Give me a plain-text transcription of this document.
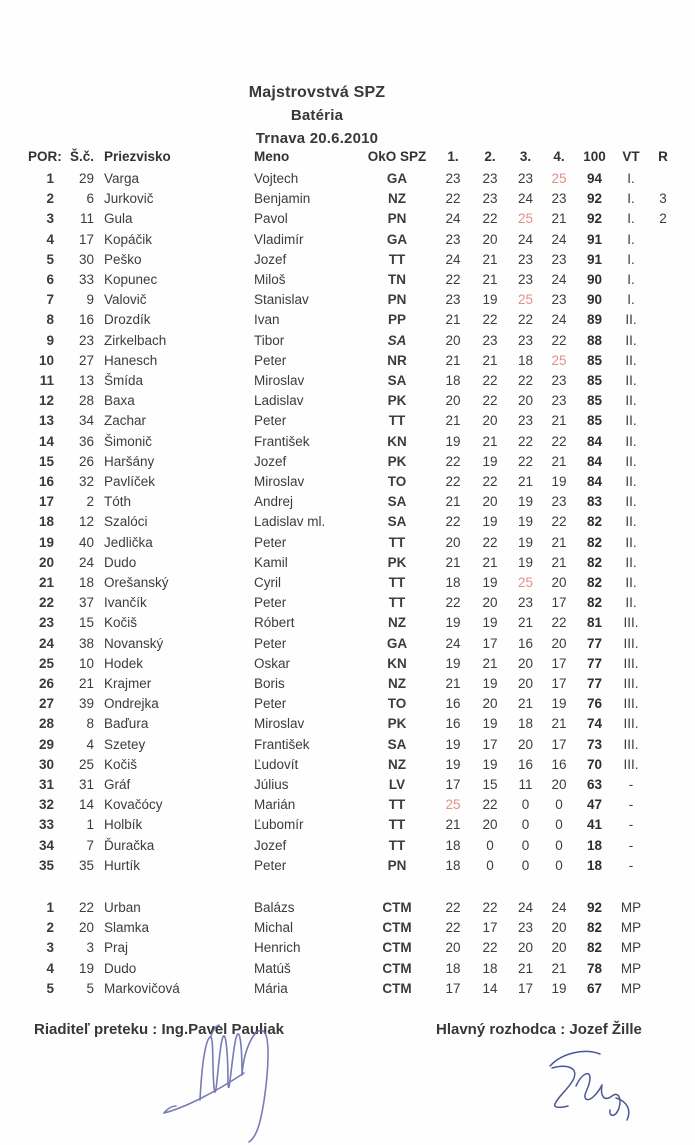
Majstrovstvá SPZ
Batéria
Trnava 20.6.2010
POR: Š.č. Priezvisko	Meno	OkO SPZ	1.	2.	3.	4.	100	VT	R
1	29 Varga	Vojtech	GA	23	23	23	25	94	I.
2	6 Jurkovič	Benjamin	NZ	22	23	24	23	92	I.	3
3	11 Gula	Pavol	PN	24	22	25	21	92	I.	2
4	17 Kopáčik	Vladimír	GA	23	20	24	24	91	I.
5	30 Peško	Jozef	TT	24	21	23	23	91	I.
6	33 Kopunec	Miloš	TN	22	21	23	24	90	I.
7	9 Valovič	Stanislav	PN	23	19	25	23	90	I.
8	16 Drozdík	Ivan	PP	21	22	22	24	89	II.
9	23 Zirkelbach	Tibor	SA	20	23	23	22	88	II.
10	27 Hanesch	Peter	NR	21	21	18	25	85	II.
11	13 Šmída	Miroslav	SA	18	22	22	23	85	II.
12	28 Baxa	Ladislav	PK	20	22	20	23	85	II.
13	34 Zachar	Peter	TT	21	20	23	21	85	II.
14	36 Šimonič	František	KN	19	21	22	22	84	II.
15	26 Haršány	Jozef	PK	22	19	22	21	84	II.
16	32 Pavlíček	Miroslav	TO	22	22	21	19	84	II.
17	2 Tóth	Andrej	SA	21	20	19	23	83	II.
18	12 Szalóci	Ladislav ml.	SA	22	19	19	22	82	II.
19	40 Jedlička	Peter	TT	20	22	19	21	82	II.
20	24 Dudo	Kamil	PK	21	21	19	21	82	II.
21	18 Orešanský	Cyril	TT	18	19	25	20	82	II.
22	37 Ivančík	Peter	TT	22	20	23	17	82	II.
23	15 Kočiš	Róbert	NZ	19	19	21	22	81	III.
24	38 Novanský	Peter	GA	24	17	16	20	77	III.
25	10 Hodek	Oskar	KN	19	21	20	17	77	III.
26	21 Krajmer	Boris	NZ	21	19	20	17	77	III.
27	39 Ondrejka	Peter	TO	16	20	21	19	76	III.
28	8 Baďura	Miroslav	PK	16	19	18	21	74	III.
29	4 Szetey	František	SA	19	17	20	17	73	III.
30	25 Kočiš	Ľudovít	NZ	19	19	16	16	70	III.
31	31 Gráf	Július	LV	17	15	11	20	63	-
32	14 Kovačócy	Marián	TT	25	22	0	0	47	-
33	1 Holbík	Ľubomír	TT	21	20	0	0	41	-
34	7 Ďuračka	Jozef	TT	18	0	0	0	18	-
35	35 Hurtík	Peter	PN	18	0	0	0	18	-
1	22 Urban	Balázs	CTM	22	22	24	24	92	MP
2	20 Slamka	Michal	CTM	22	17	23	20	82	MP
3	3 Praj	Henrich	CTM	20	22	20	20	82	MP
4	19 Dudo	Matúš	CTM	18	18	21	21	78	MP
5	5 Markovičová	Mária	CTM	17	14	17	19	67	MP
Riaditeľ preteku : Ing.Pavel Pauliak	Hlavný rozhodca : Jozef Žille
